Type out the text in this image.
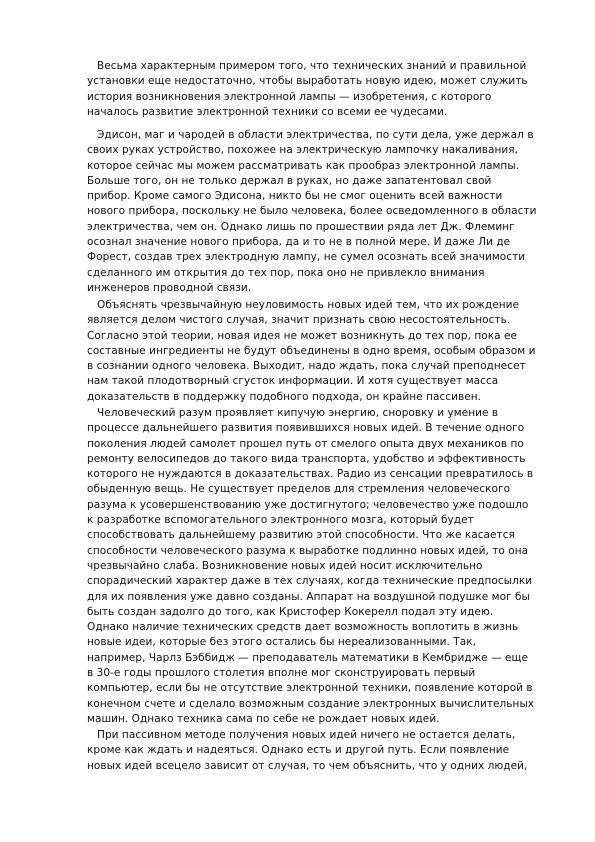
Весьма характерным примером того, что технических знаний и правильной
установки еще недостаточно, чтобы выработать новую идею, может служить
история возникновения электронной лампы — изобретения, с которого
началось развитие электронной техники со всеми ее чудесами.
Эдисон, маг и чародей в области электричества, по сути дела, уже держал в
своих руках устройство, похожее на электрическую лампочку накаливания,
которое сейчас мы можем рассматривать как прообраз электронной лампы.
Больше того, он не только держал в руках, но даже запатентовал свой
прибор. Кроме самого Эдисона, никто бы не смог оценить всей важности
нового прибора, поскольку не было человека, более осведомленного в области
электричества, чем он. Однако лишь по прошествии ряда лет Дж. Флеминг
осознал значение нового прибора, да и то не в полной мере. И даже Ли де
Форест, создав трех электродную лампу, не сумел осознать всей значимости
сделанного им открытия до тех пор, пока оно не привлекло внимания
инженеров проводной связи.
Объяснять чрезвычайную неуловимость новых идей тем, что их рождение
является делом чистого случая, значит признать свою несостоятельность.
Согласно этой теории, новая идея не может возникнуть до тех пор, пока ее
составные ингредиенты не будут объединены в одно время, особым образом и
в сознании одного человека. Выходит, надо ждать, пока случай преподнесет
нам такой плодотворный сгусток информации. И хотя существует масса
доказательств в поддержку подобного подхода, он крайне пассивен.
Человеческий разум проявляет кипучую энергию, сноровку и умение в
процессе дальнейшего развития появившихся новых идей. В течение одного
поколения людей самолет прошел путь от смелого опыта двух механиков по
ремонту велосипедов до такого вида транспорта, удобство и эффективность
которого не нуждаются в доказательствах. Радио из сенсации превратилось в
обыденную вещь. Не существует пределов для стремления человеческого
разума к усовершенствованию уже достигнутого; человечество уже подошло
к разработке вспомогательного электронного мозга, который будет
способствовать дальнейшему развитию этой способности. Что же касается
способности человеческого разума к выработке подлинно новых идей, то она
чрезвычайно слаба. Возникновение новых идей носит исключительно
спорадический характер даже в тех случаях, когда технические предпосылки
для их появления уже давно созданы. Аппарат на воздушной подушке мог бы
быть создан задолго до того, как Кристофер Кокерелл подал эту идею.
Однако наличие технических средств дает возможность воплотить в жизнь
новые идеи, которые без этого остались бы нереализованными. Так,
например, Чарлз Бэббидж — преподаватель математики в Кембридже — еще
в 30-е годы прошлого столетия вполне мог сконструировать первый
компьютер, если бы не отсутствие электронной техники, появление которой в
конечном счете и сделало возможным создание электронных вычислительных
машин. Однако техника сама по себе не рождает новых идей.
При пассивном методе получения новых идей ничего не остается делать,
кроме как ждать и надеяться. Однако есть и другой путь. Если появление
новых идей всецело зависит от случая, то чем объяснить, что у одних людей,
